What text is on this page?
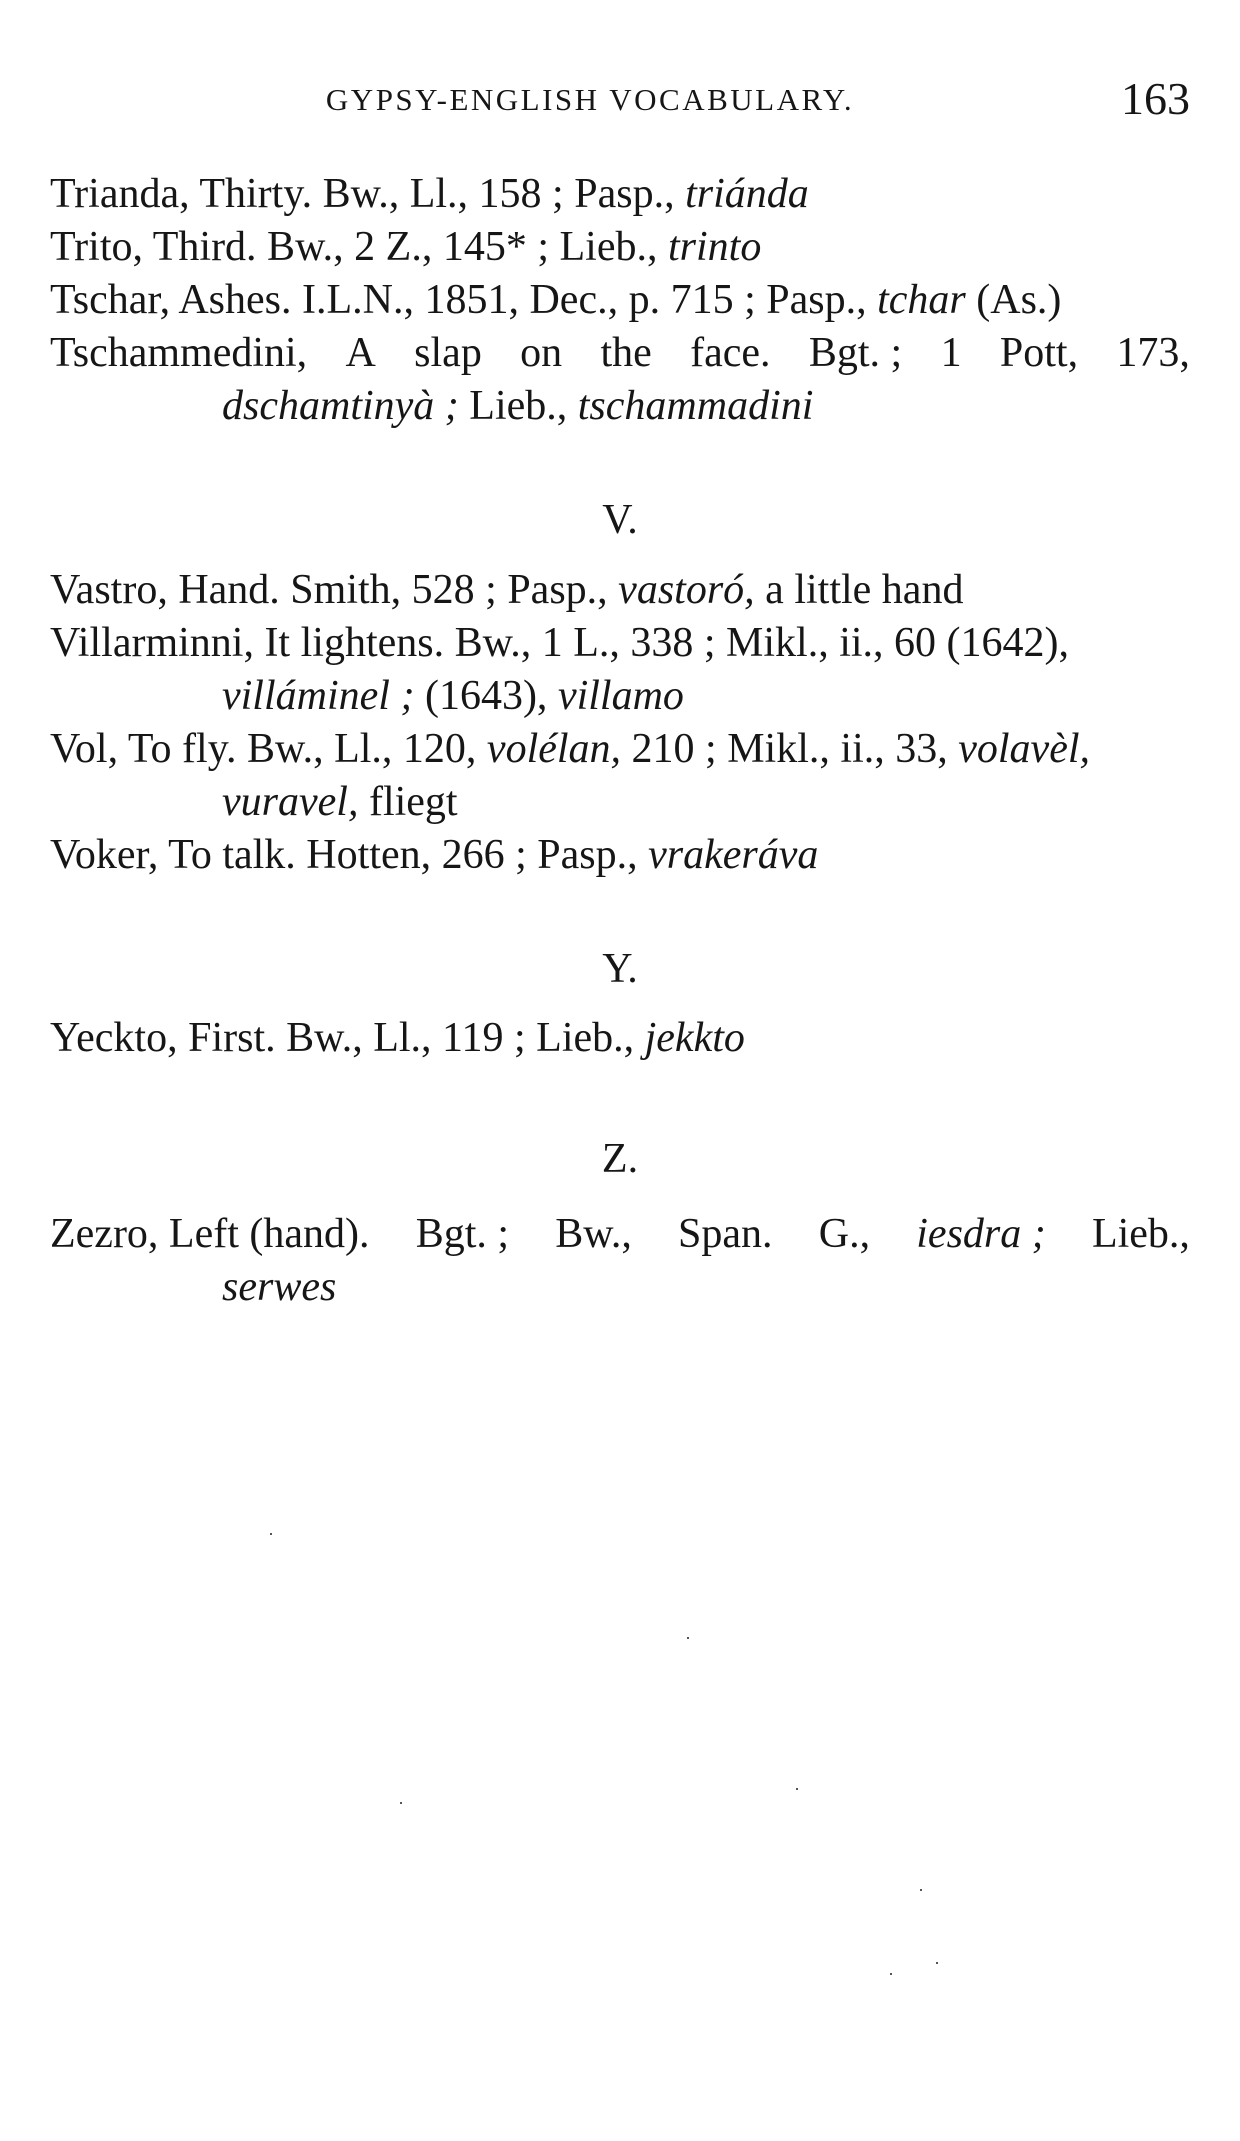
GYPSY-ENGLISH VOCABULARY.	163
Trianda, Thirty. Bw., Ll., 158 ; Pasp., triánda
Trito, Third. Bw., 2 Z., 145* ; Lieb., trinto
Tschar, Ashes. I.L.N., 1851, Dec., p. 715 ; Pasp., tchar (As.)
Tschammedini, A slap on the face. Bgt. ; 1 Pott, 173,
dschamtinyà ; Lieb., tschammadini
V.
Vastro, Hand. Smith, 528 ; Pasp., vastoró, a little hand
Villarminni, It lightens. Bw., 1 L., 338 ; Mikl., ii., 60 (1642),
villáminel ; (1643), villamo
Vol, To fly. Bw., Ll., 120, volélan, 210 ; Mikl., ii., 33, volavèl,
vuravel, fliegt
Voker, To talk. Hotten, 266 ; Pasp., vrakeráva
Y.
Yeckto, First. Bw., Ll., 119 ; Lieb., jekkto
Z.
Zezro, Left (hand). Bgt. ; Bw., Span. G., iesdra ; Lieb.,
serwes
